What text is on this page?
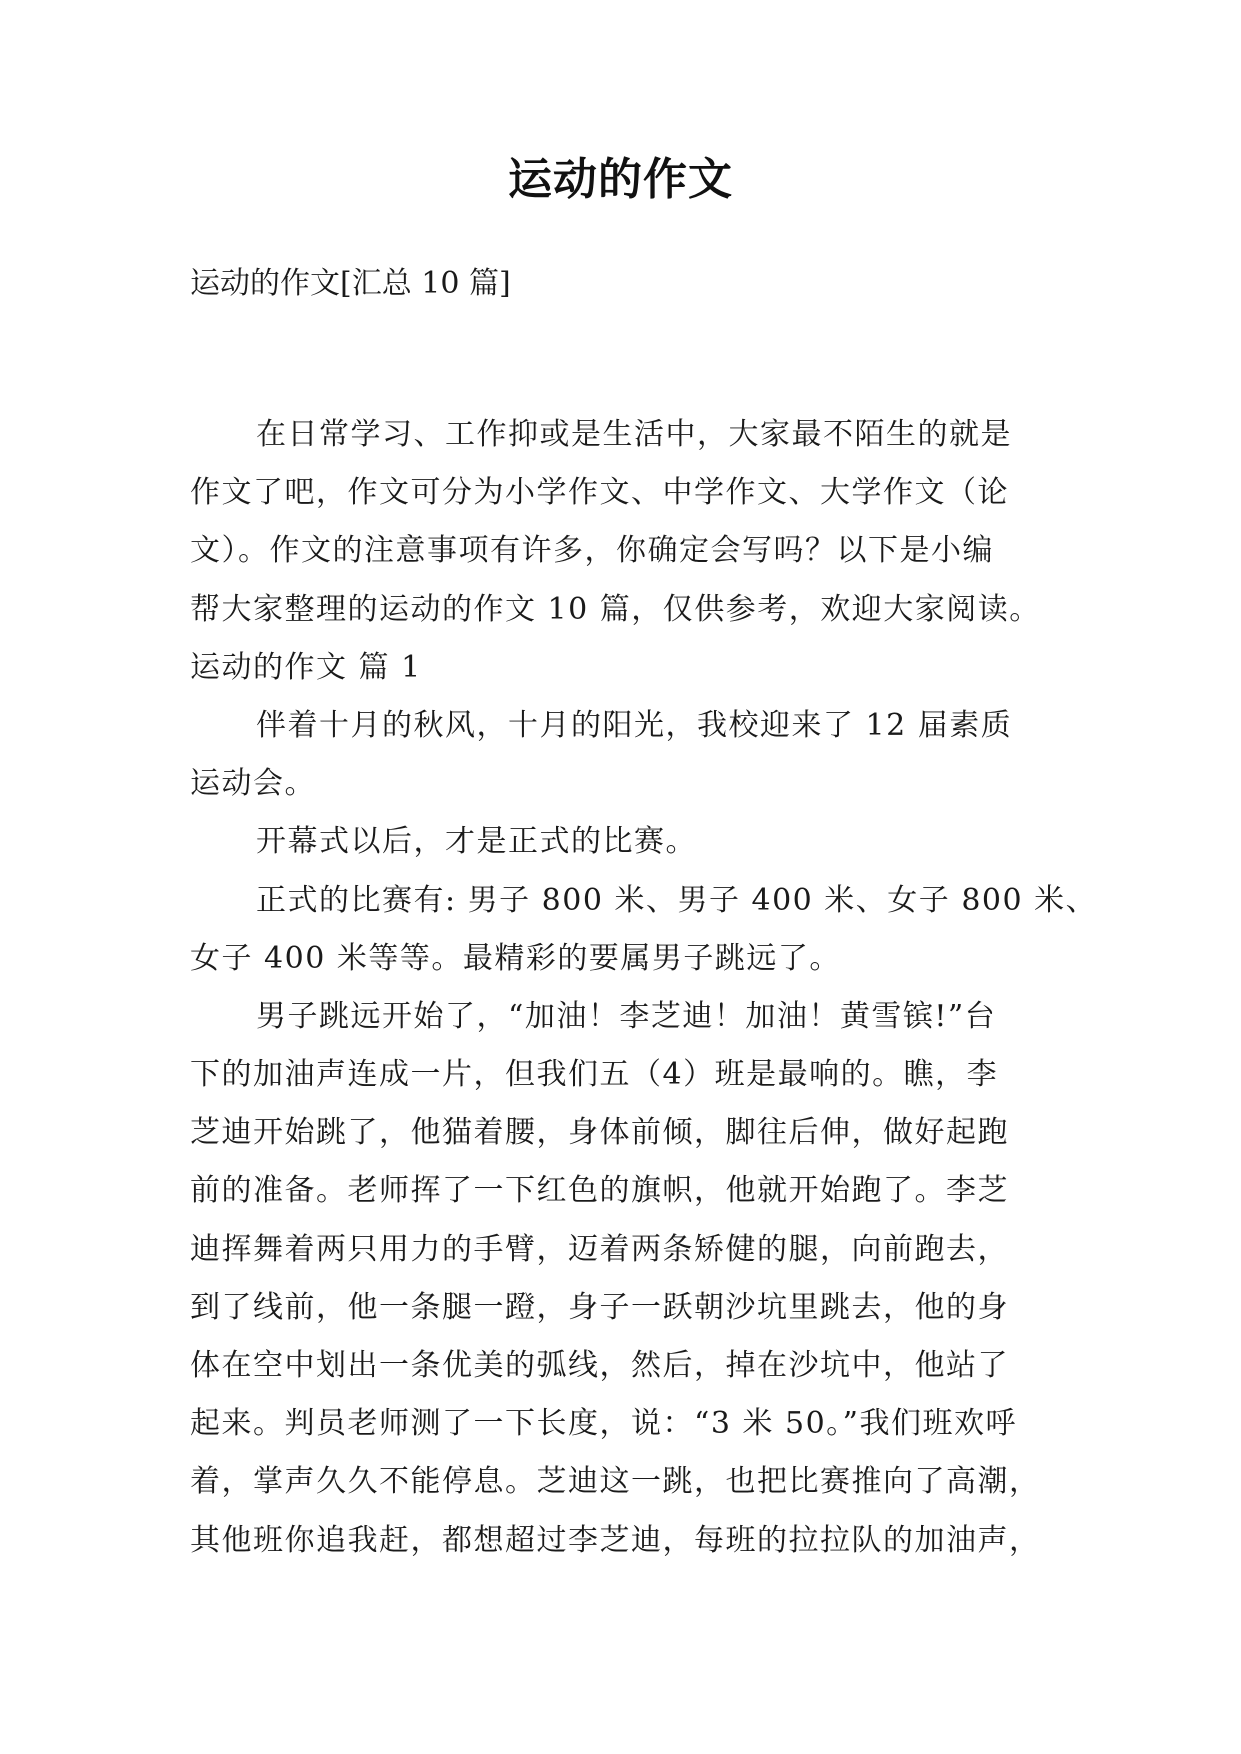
运动的作文
运动的作文[汇总 10 篇]
在日常学习、工作抑或是生活中，大家最不陌生的就是
作文了吧，作文可分为小学作文、中学作文、大学作文（论
文）。作文的注意事项有许多，你确定会写吗？以下是小编
帮大家整理的运动的作文 10 篇，仅供参考，欢迎大家阅读。
运动的作文 篇 1
伴着十月的秋风，十月的阳光，我校迎来了 12 届素质
运动会。
开幕式以后，才是正式的比赛。
正式的比赛有: 男子 800 米、男子 400 米、女子 800 米、
女子 400 米等等。最精彩的要属男子跳远了。
男子跳远开始了，“加油！李芝迪！加油！黄雪镔!”台
下的加油声连成一片，但我们五（4）班是最响的。瞧，李
芝迪开始跳了，他猫着腰，身体前倾，脚往后伸，做好起跑
前的准备。老师挥了一下红色的旗帜，他就开始跑了。李芝
迪挥舞着两只用力的手臂，迈着两条矫健的腿，向前跑去，
到了线前，他一条腿一蹬，身子一跃朝沙坑里跳去，他的身
体在空中划出一条优美的弧线，然后，掉在沙坑中，他站了
起来。判员老师测了一下长度，说：“3 米 50。”我们班欢呼
着，掌声久久不能停息。芝迪这一跳，也把比赛推向了高潮，
其他班你追我赶，都想超过李芝迪，每班的拉拉队的加油声，
